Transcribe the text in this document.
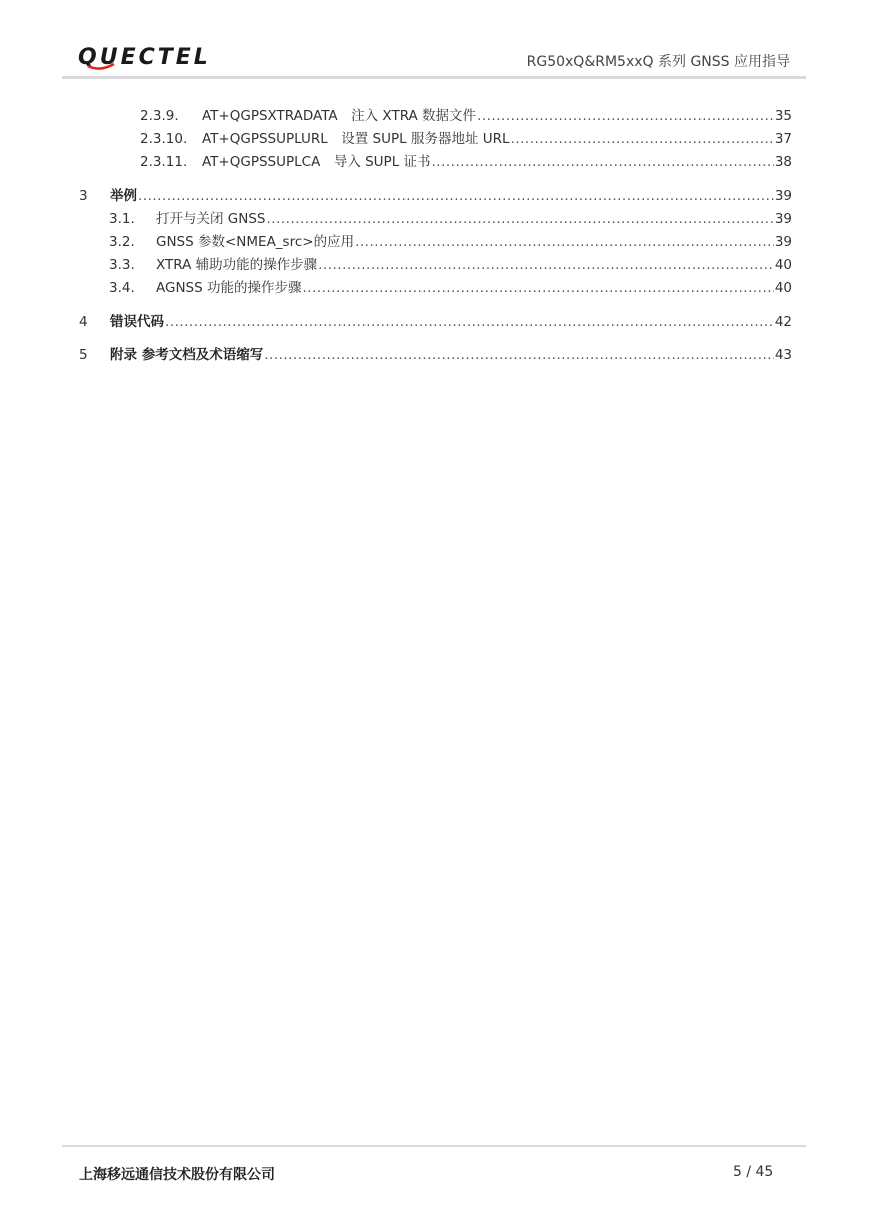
QUECTEL	RG50xQ&RM5xxQ 系列 GNSS 应用指导
2.3.9.	AT+QGPSXTRADATA　注入 XTRA 数据文件 .....	35
2.3.10.	AT+QGPSSUPLURL　设置 SUPL 服务器地址 URL .....	37
2.3.11.	AT+QGPSSUPLCA　导入 SUPL 证书 .....	38
3	举例 .....	39
3.1.	打开与关闭 GNSS .....	39
3.2.	GNSS 参数<NMEA_src>的应用 .....	39
3.3.	XTRA 辅助功能的操作步骤 .....	40
3.4.	AGNSS 功能的操作步骤 .....	40
4	错误代码 .....	42
5	附录 参考文档及术语缩写 .....	43
上海移远通信技术股份有限公司	5 / 45
